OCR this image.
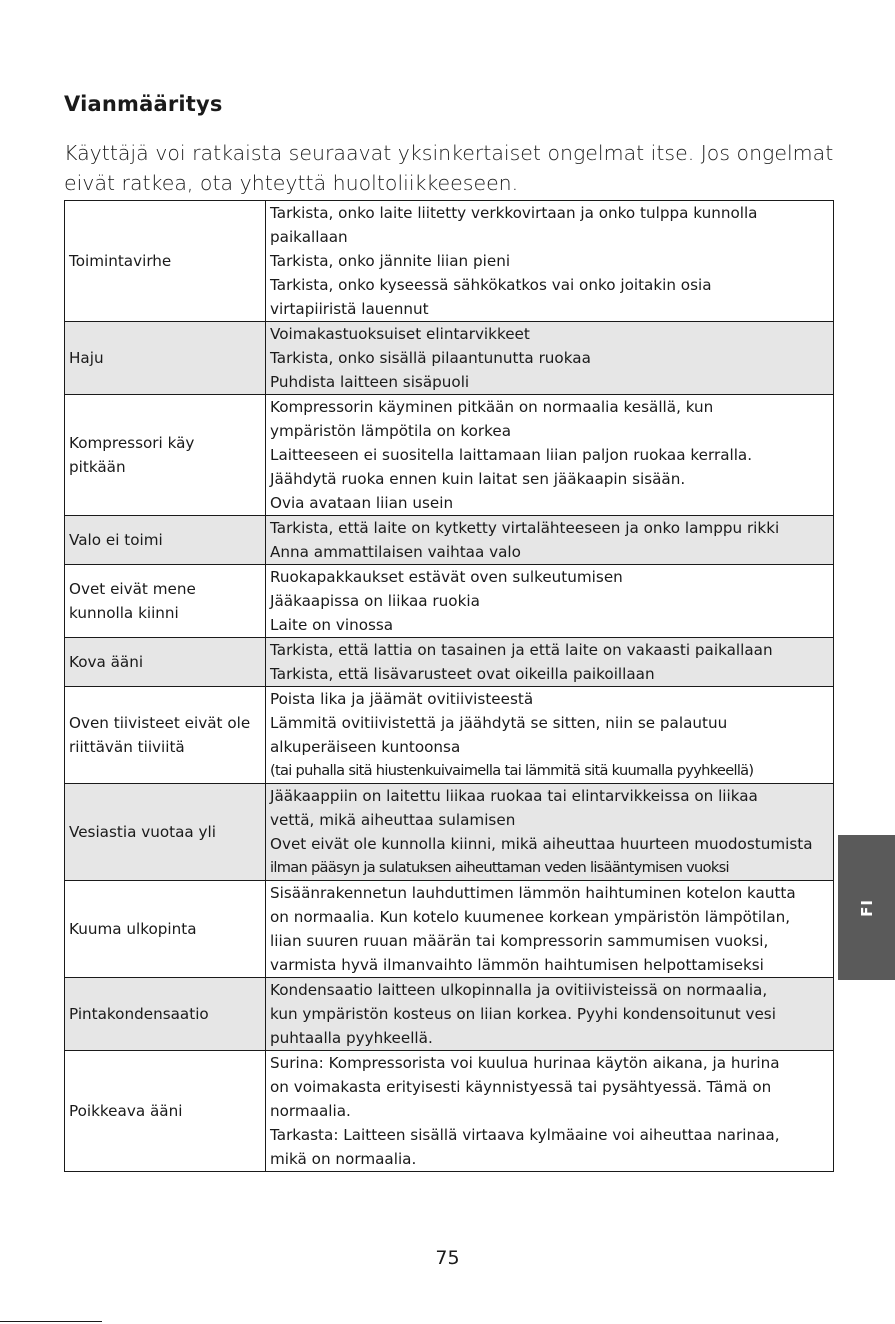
Vianmääritys

Käyttäjä voi ratkaista seuraavat yksinkertaiset ongelmat itse. Jos ongelmat eivät ratkea, ota yhteyttä huoltoliikkeeseen.

Toimintavirhe	Tarkista, onko laite liitetty verkkovirtaan ja onko tulppa kunnolla
paikallaan
Tarkista, onko jännite liian pieni
Tarkista, onko kyseessä sähkökatkos vai onko joitakin osia
virtapiiristä lauennut

Haju	Voimakastuoksuiset elintarvikkeet
Tarkista, onko sisällä pilaantunutta ruokaa
Puhdista laitteen sisäpuoli

Kompressori käy
pitkään	Kompressorin käyminen pitkään on normaalia kesällä, kun
ympäristön lämpötila on korkea
Laitteeseen ei suositella laittamaan liian paljon ruokaa kerralla.
Jäähdytä ruoka ennen kuin laitat sen jääkaapin sisään.
Ovia avataan liian usein

Valo ei toimi	Tarkista, että laite on kytketty virtalähteeseen ja onko lamppu rikki
Anna ammattilaisen vaihtaa valo

Ovet eivät mene
kunnolla kiinni	Ruokapakkaukset estävät oven sulkeutumisen
Jääkaapissa on liikaa ruokia
Laite on vinossa

Kova ääni	Tarkista, että lattia on tasainen ja että laite on vakaasti paikallaan
Tarkista, että lisävarusteet ovat oikeilla paikoillaan

Oven tiivisteet eivät ole
riittävän tiiviitä	Poista lika ja jäämät ovitiivisteestä
Lämmitä ovitiivistettä ja jäähdytä se sitten, niin se palautuu
alkuperäiseen kuntoonsa
(tai puhalla sitä hiustenkuivaimella tai lämmitä sitä kuumalla pyyhkeellä)

Vesiastia vuotaa yli	Jääkaappiin on laitettu liikaa ruokaa tai elintarvikkeissa on liikaa
vettä, mikä aiheuttaa sulamisen
Ovet eivät ole kunnolla kiinni, mikä aiheuttaa huurteen muodostumista
ilman pääsyn ja sulatuksen aiheuttaman veden lisääntymisen vuoksi

Kuuma ulkopinta	Sisäänrakennetun lauhduttimen lämmön haihtuminen kotelon kautta
on normaalia. Kun kotelo kuumenee korkean ympäristön lämpötilan,
liian suuren ruuan määrän tai kompressorin sammumisen vuoksi,
varmista hyvä ilmanvaihto lämmön haihtumisen helpottamiseksi

Pintakondensaatio	Kondensaatio laitteen ulkopinnalla ja ovitiivisteissä on normaalia,
kun ympäristön kosteus on liian korkea. Pyyhi kondensoitunut vesi
puhtaalla pyyhkeellä.

Poikkeava ääni	Surina: Kompressorista voi kuulua hurinaa käytön aikana, ja hurina
on voimakasta erityisesti käynnistyessä tai pysähtyessä. Tämä on
normaalia.
Tarkasta: Laitteen sisällä virtaava kylmäaine voi aiheuttaa narinaa,
mikä on normaalia.
75
FI
